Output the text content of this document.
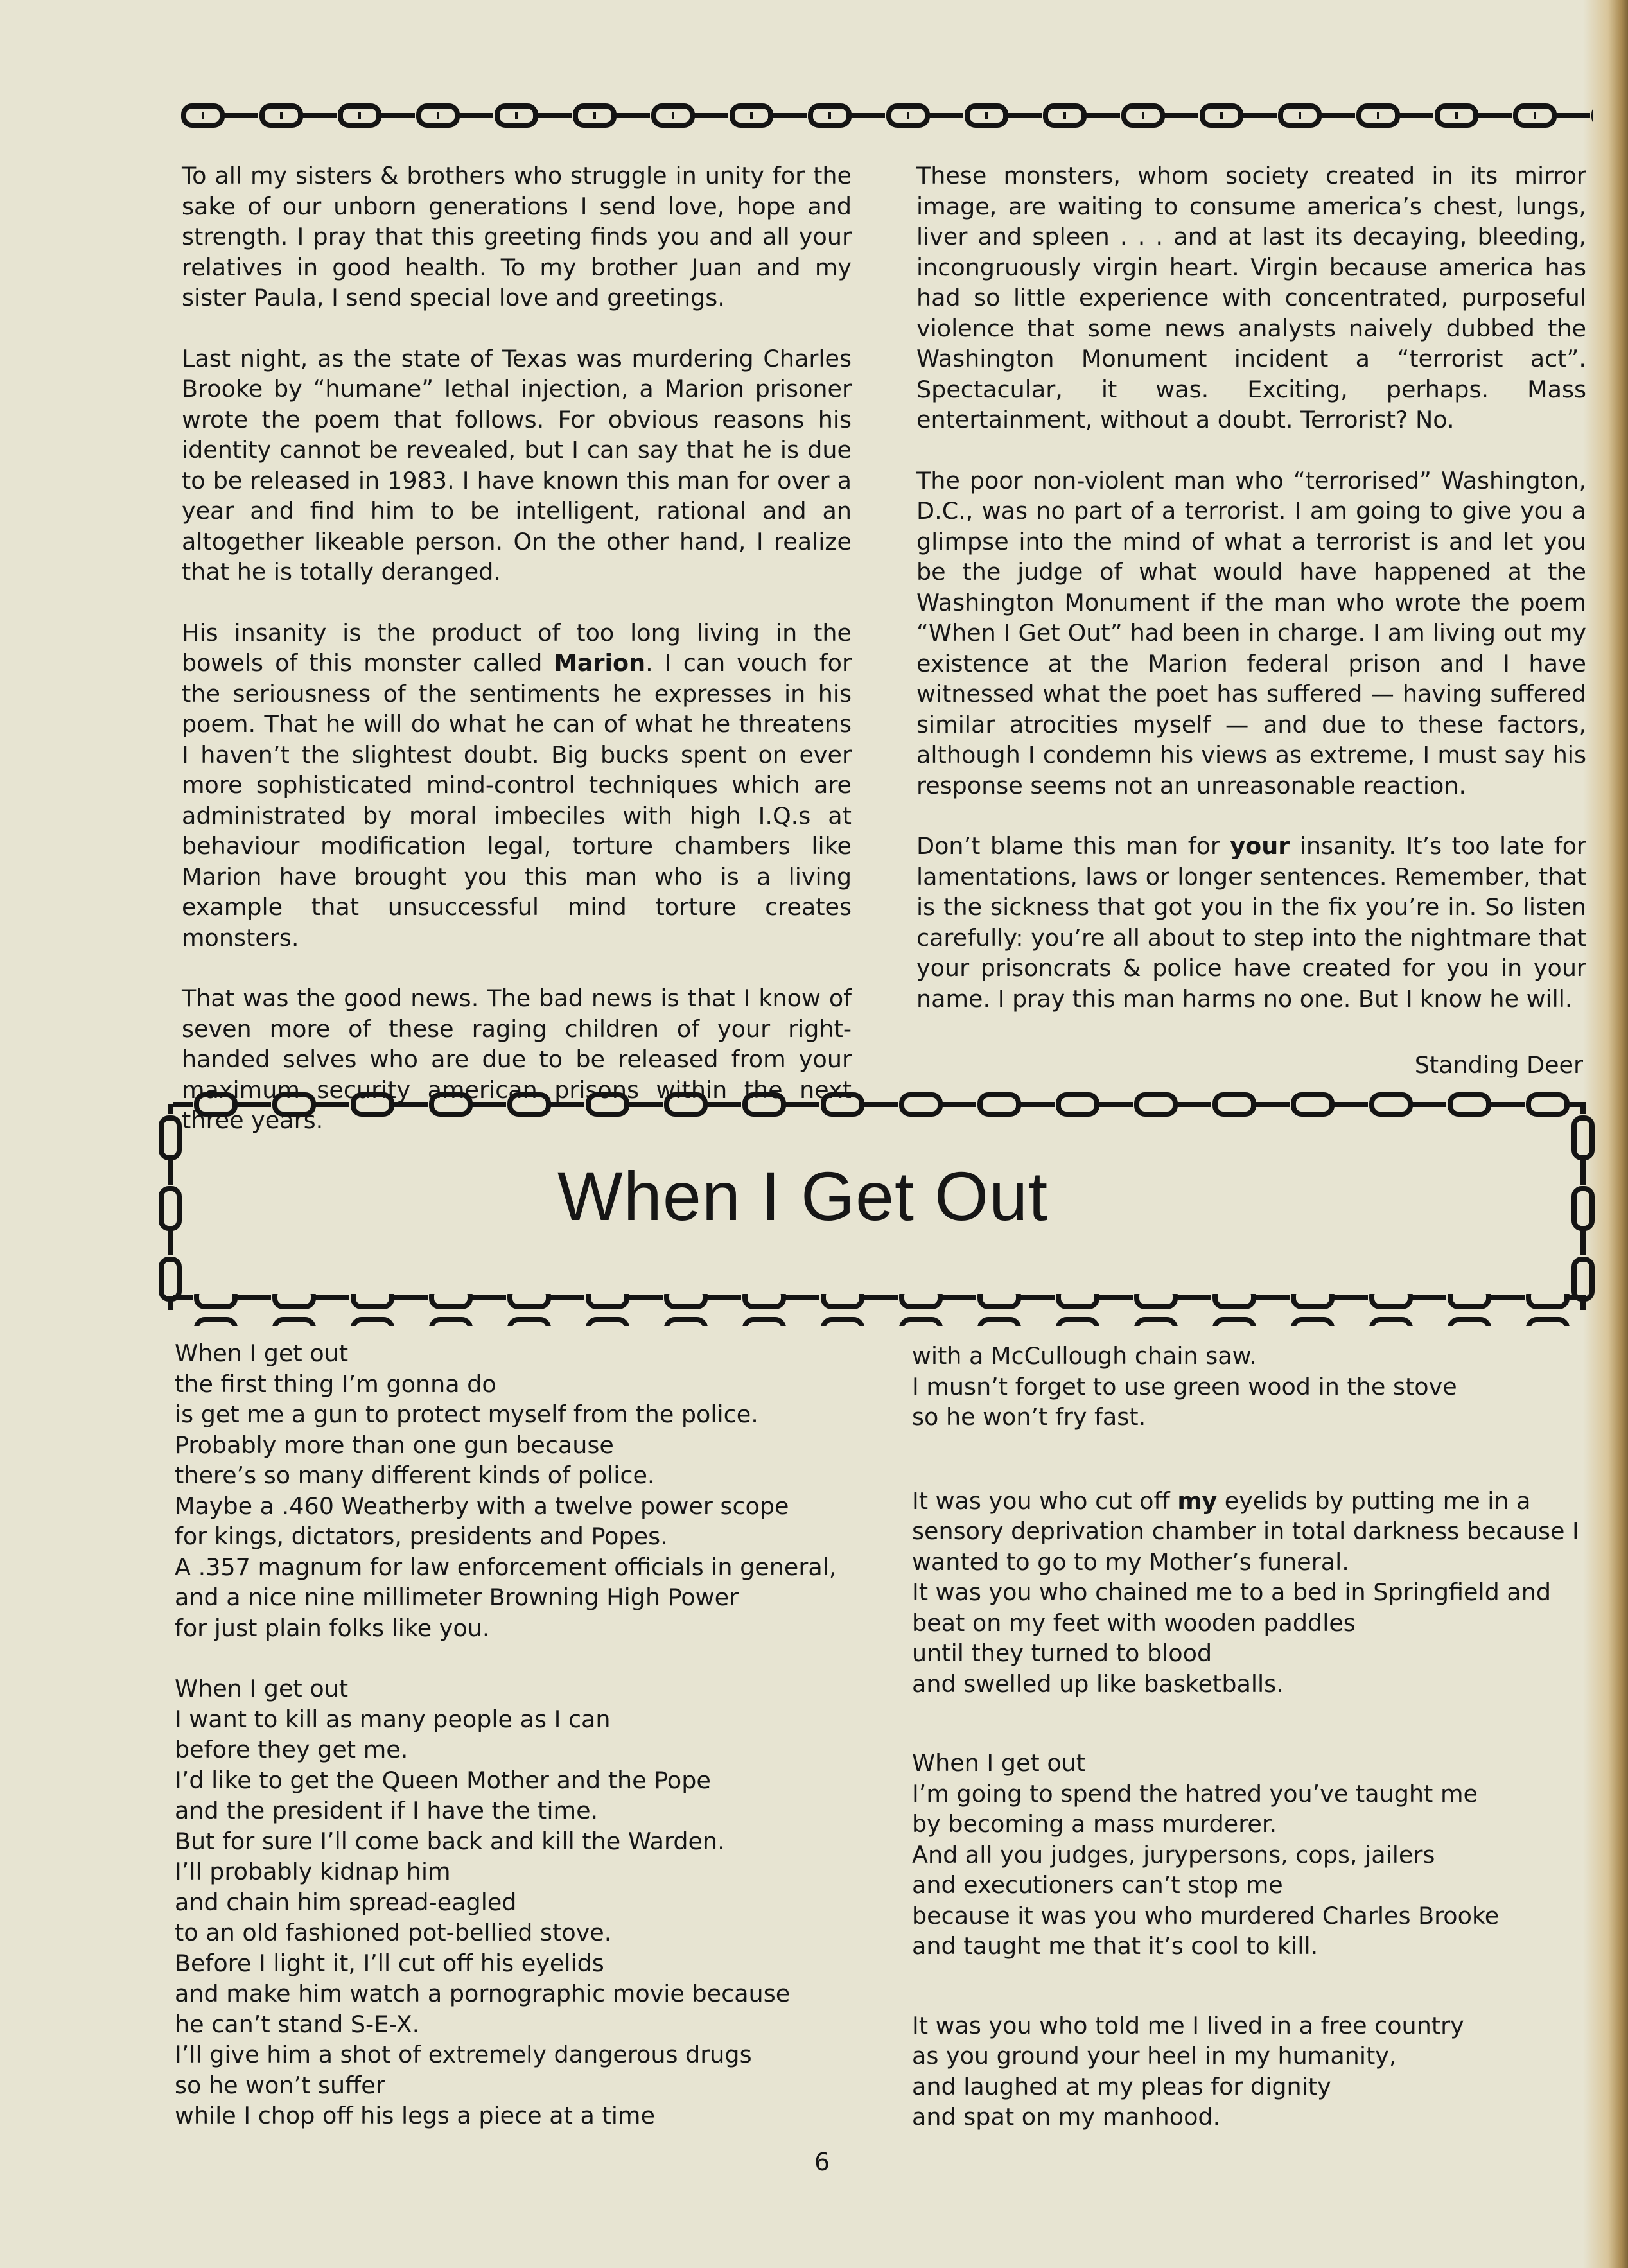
To all my sisters & brothers who struggle in unity for the sake of our unborn generations I send love, hope and strength. I pray that this greeting finds you and all your relatives in good health. To my brother Juan and my sister Paula, I send special love and greetings.

Last night, as the state of Texas was murdering Charles Brooke by “humane” lethal injection, a Marion prisoner wrote the poem that follows. For obvious reasons his identity cannot be revealed, but I can say that he is due to be released in 1983. I have known this man for over a year and find him to be intelligent, rational and an altogether likeable person. On the other hand, I realize that he is totally deranged.

His insanity is the product of too long living in the bowels of this monster called Marion. I can vouch for the seriousness of the sentiments he expresses in his poem. That he will do what he can of what he threatens I haven’t the slightest doubt. Big bucks spent on ever more sophisticated mind-control techniques which are administrated by moral imbeciles with high I.Q.s at behaviour modification legal, torture chambers like Marion have brought you this man who is a living example that unsuccessful mind torture creates monsters.

That was the good news. The bad news is that I know of seven more of these raging children of your right-handed selves who are due to be released from your

These monsters, whom society created in its mirror image, are waiting to consume america’s chest, lungs, liver and spleen . . . and at last its decaying, bleeding, incongruously virgin heart. Virgin because america has had so little experience with concentrated, purposeful violence that some news analysts naively dubbed the Washington Monument incident a “terrorist act”. Spectacular, it was. Exciting, perhaps. Mass entertainment, without a doubt. Terrorist? No.

The poor non-violent man who “terrorised” Washington, D.C., was no part of a terrorist. I am going to give you a glimpse into the mind of what a terrorist is and let you be the judge of what would have happened at the Washington Monument if the man who wrote the poem “When I Get Out” had been in charge. I am living out my existence at the Marion federal prison and I have witnessed what the poet has suffered — having suffered similar atrocities myself — and due to these factors, although I condemn his views as extreme, I must say his response seems not an unreasonable reaction.

Don’t blame this man for your insanity. It’s too late for lamentations, laws or longer sentences. Remember, that is the sickness that got you in the fix you’re in. So listen carefully: you’re all about to step into the nightmare that your prisoncrats & police have created for you in your name. I pray this man harms no one. But I know he will.

Standing Deer
When I Get Out

When I get out
the first thing I’m gonna do
is get me a gun to protect myself from the police.
Probably more than one gun because
there’s so many different kinds of police.
Maybe a .460 Weatherby with a twelve power scope
for kings, dictators, presidents and Popes.
A .357 magnum for law enforcement officials in general,
and a nice nine millimeter Browning High Power
for just plain folks like you.

When I get out
I want to kill as many people as I can
before they get me.
I’d like to get the Queen Mother and the Pope
and the president if I have the time.
But for sure I’ll come back and kill the Warden.
I’ll probably kidnap him
and chain him spread-eagled
to an old fashioned pot-bellied stove.
Before I light it, I’ll cut off his eyelids
and make him watch a pornographic movie because
he can’t stand S-E-X.
I’ll give him a shot of extremely dangerous drugs
so he won’t suffer
while I chop off his legs a piece at a time

with a McCullough chain saw.
I musn’t forget to use green wood in the stove
so he won’t fry fast.

It was you who cut off my eyelids by putting me in a
sensory deprivation chamber in total darkness because I
wanted to go to my Mother’s funeral.
It was you who chained me to a bed in Springfield and
beat on my feet with wooden paddles
until they turned to blood
and swelled up like basketballs.

When I get out
I’m going to spend the hatred you’ve taught me
by becoming a mass murderer.
And all you judges, jurypersons, cops, jailers
and executioners can’t stop me
because it was you who murdered Charles Brooke
and taught me that it’s cool to kill.

It was you who told me I lived in a free country
as you ground your heel in my humanity,
and laughed at my pleas for dignity
and spat on my manhood.

6
